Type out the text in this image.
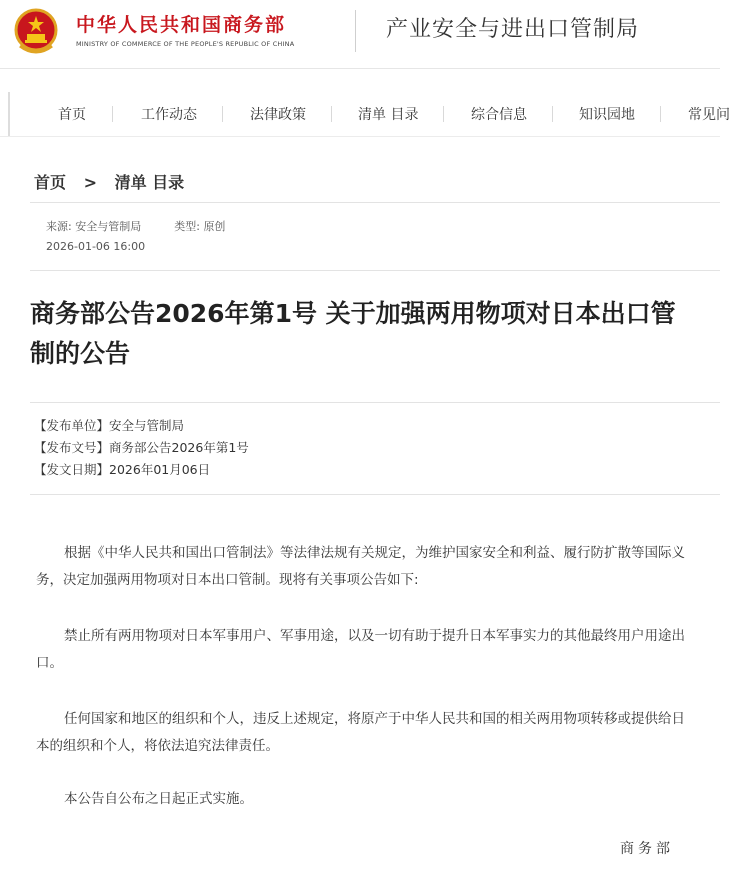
中华人民共和国商务部
MINISTRY OF COMMERCE OF THE PEOPLE'S REPUBLIC OF CHINA
产业安全与进出口管制局
首页	工作动态	法律政策	清单 目录	综合信息	知识园地	常见问
首页 > 清单 目录
来源: 安全与管制局	类型: 原创
2026-01-06 16:00
商务部公告2026年第1号 关于加强两用物项对日本出口管制的公告
【发布单位】安全与管制局
【发布文号】商务部公告2026年第1号
【发文日期】2026年01月06日
根据《中华人民共和国出口管制法》等法律法规有关规定，为维护国家安全和利益、履行防扩散等国际义务，决定加强两用物项对日本出口管制。现将有关事项公告如下:
禁止所有两用物项对日本军事用户、军事用途，以及一切有助于提升日本军事实力的其他最终用户用途出口。
任何国家和地区的组织和个人，违反上述规定，将原产于中华人民共和国的相关两用物项转移或提供给日本的组织和个人，将依法追究法律责任。
本公告自公布之日起正式实施。
商务部
